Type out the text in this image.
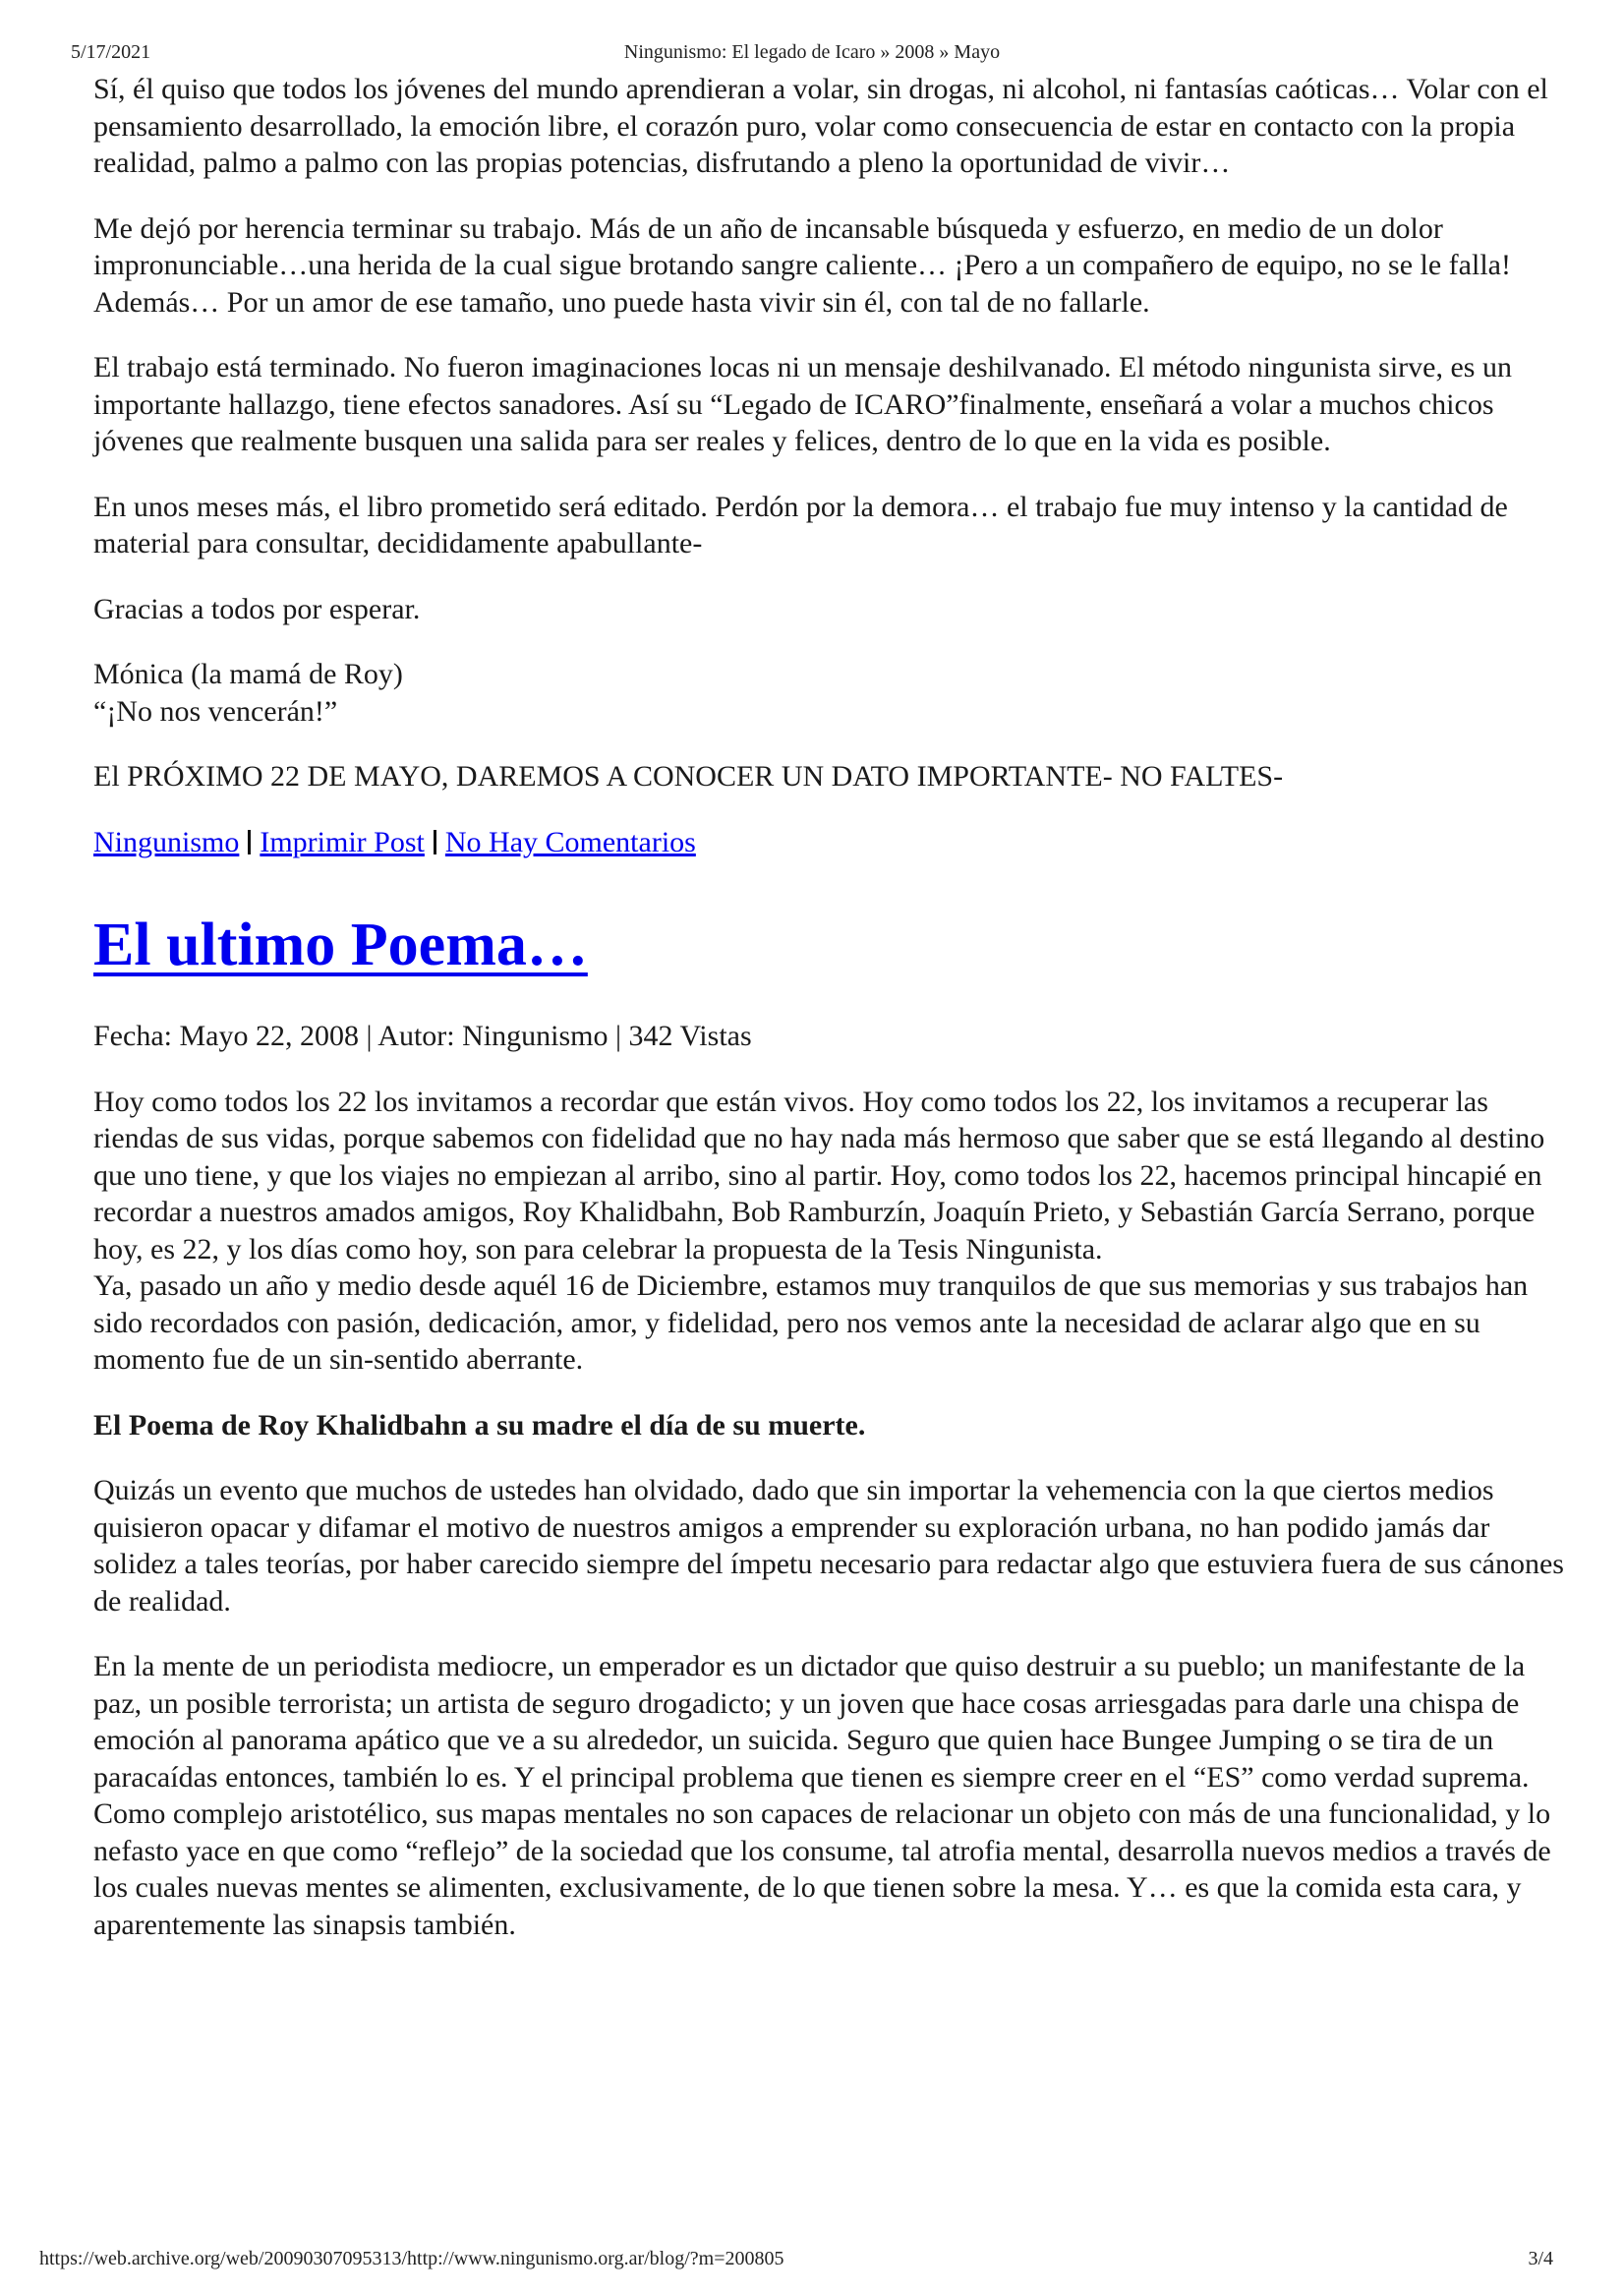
5/17/2021	Ningunismo: El legado de Icaro » 2008 » Mayo

Sí, él quiso que todos los jóvenes del mundo aprendieran a volar, sin drogas, ni alcohol, ni fantasías caóticas… Volar con el pensamiento desarrollado, la emoción libre, el corazón puro, volar como consecuencia de estar en contacto con la propia realidad, palmo a palmo con las propias potencias, disfrutando a pleno la oportunidad de vivir…

Me dejó por herencia terminar su trabajo. Más de un año de incansable búsqueda y esfuerzo, en medio de un dolor impronunciable…una herida de la cual sigue brotando sangre caliente… ¡Pero a un compañero de equipo, no se le falla! Además… Por un amor de ese tamaño, uno puede hasta vivir sin él, con tal de no fallarle.

El trabajo está terminado. No fueron imaginaciones locas ni un mensaje deshilvanado. El método ningunista sirve, es un importante hallazgo, tiene efectos sanadores. Así su “Legado de ICARO”finalmente, enseñará a volar a muchos chicos jóvenes que realmente busquen una salida para ser reales y felices, dentro de lo que en la vida es posible.

En unos meses más, el libro prometido será editado. Perdón por la demora… el trabajo fue muy intenso y la cantidad de material para consultar, decididamente apabullante-

Gracias a todos por esperar.

Mónica (la mamá de Roy)
“¡No nos vencerán!”

El PRÓXIMO 22 DE MAYO, DAREMOS A CONOCER UN DATO IMPORTANTE- NO FALTES-

Ningunismo Imprimir Post No Hay Comentarios
El ultimo Poema…

Fecha: Mayo 22, 2008 | Autor: Ningunismo | 342 Vistas

Hoy como todos los 22 los invitamos a recordar que están vivos. Hoy como todos los 22, los invitamos a recuperar las riendas de sus vidas, porque sabemos con fidelidad que no hay nada más hermoso que saber que se está llegando al destino que uno tiene, y que los viajes no empiezan al arribo, sino al partir. Hoy, como todos los 22, hacemos principal hincapié en recordar a nuestros amados amigos, Roy Khalidbahn, Bob Ramburzín, Joaquín Prieto, y Sebastián García Serrano, porque hoy, es 22, y los días como hoy, son para celebrar la propuesta de la Tesis Ningunista.

Ya, pasado un año y medio desde aquél 16 de Diciembre, estamos muy tranquilos de que sus memorias y sus trabajos han sido recordados con pasión, dedicación, amor, y fidelidad, pero nos vemos ante la necesidad de aclarar algo que en su momento fue de un sin-sentido aberrante.

El Poema de Roy Khalidbahn a su madre el día de su muerte.

Quizás un evento que muchos de ustedes han olvidado, dado que sin importar la vehemencia con la que ciertos medios quisieron opacar y difamar el motivo de nuestros amigos a emprender su exploración urbana, no han podido jamás dar solidez a tales teorías, por haber carecido siempre del ímpetu necesario para redactar algo que estuviera fuera de sus cánones de realidad.

En la mente de un periodista mediocre, un emperador es un dictador que quiso destruir a su pueblo; un manifestante de la paz, un posible terrorista; un artista de seguro drogadicto; y un joven que hace cosas arriesgadas para darle una chispa de emoción al panorama apático que ve a su alrededor, un suicida. Seguro que quien hace Bungee Jumping o se tira de un paracaídas entonces, también lo es. Y el principal problema que tienen es siempre creer en el “ES” como verdad suprema. Como complejo aristotélico, sus mapas mentales no son capaces de relacionar un objeto con más de una funcionalidad, y lo nefasto yace en que como “reflejo” de la sociedad que los consume, tal atrofia mental, desarrolla nuevos medios a través de los cuales nuevas mentes se alimenten, exclusivamente, de lo que tienen sobre la mesa. Y… es que la comida esta cara, y aparentemente las sinapsis también.

https://web.archive.org/web/20090307095313/http://www.ningunismo.org.ar/blog/?m=200805	3/4
